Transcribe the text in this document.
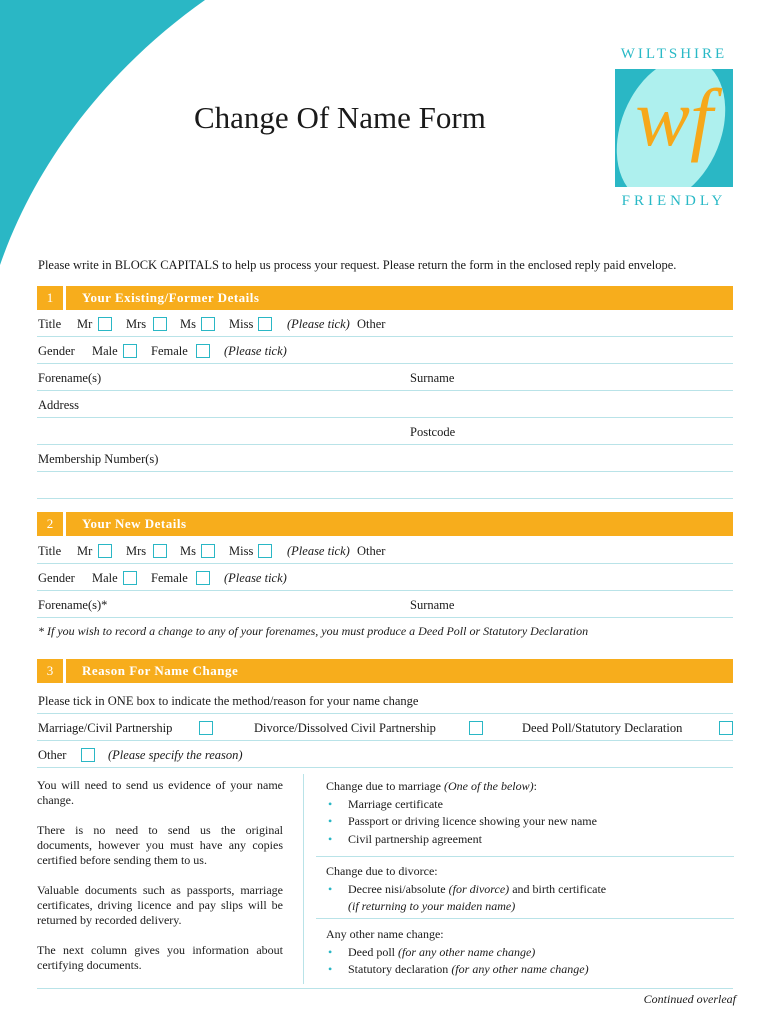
WILTSHIRE
wf
FRIENDLY
Change Of Name Form
Please write in BLOCK CAPITALS to help us process your request. Please return the form in the enclosed reply paid envelope.
1	Your Existing/Former Details
Title Mr	Mrs	Ms	Miss	(Please tick) Other
Gender Male	Female	(Please tick)
Forename(s)	Surname
Address
Postcode
Membership Number(s)
2	Your New Details
Title Mr	Mrs	Ms	Miss	(Please tick) Other
Gender Male	Female	(Please tick)
Forename(s)*	Surname
* If you wish to record a change to any of your forenames, you must produce a Deed Poll or Statutory Declaration
3	Reason For Name Change
Please tick in ONE box to indicate the method/reason for your name change
Marriage/Civil Partnership	Divorce/Dissolved Civil Partnership	Deed Poll/Statutory Declaration
Other	(Please specify the reason)

You will need to send us evidence of your name change.

There is no need to send us the original documents, however you must have any copies certified before sending them to us.

Valuable documents such as passports, marriage certificates, driving licence and pay slips will be returned by recorded delivery.

The next column gives you information about certifying documents.

Change due to marriage (One of the below):
• Marriage certificate
• Passport or driving licence showing your new name
• Civil partnership agreement
Change due to divorce:
• Decree nisi/absolute (for divorce) and birth certificate
(if returning to your maiden name)
Any other name change:
• Deed poll (for any other name change)
• Statutory declaration (for any other name change)
Continued overleaf
